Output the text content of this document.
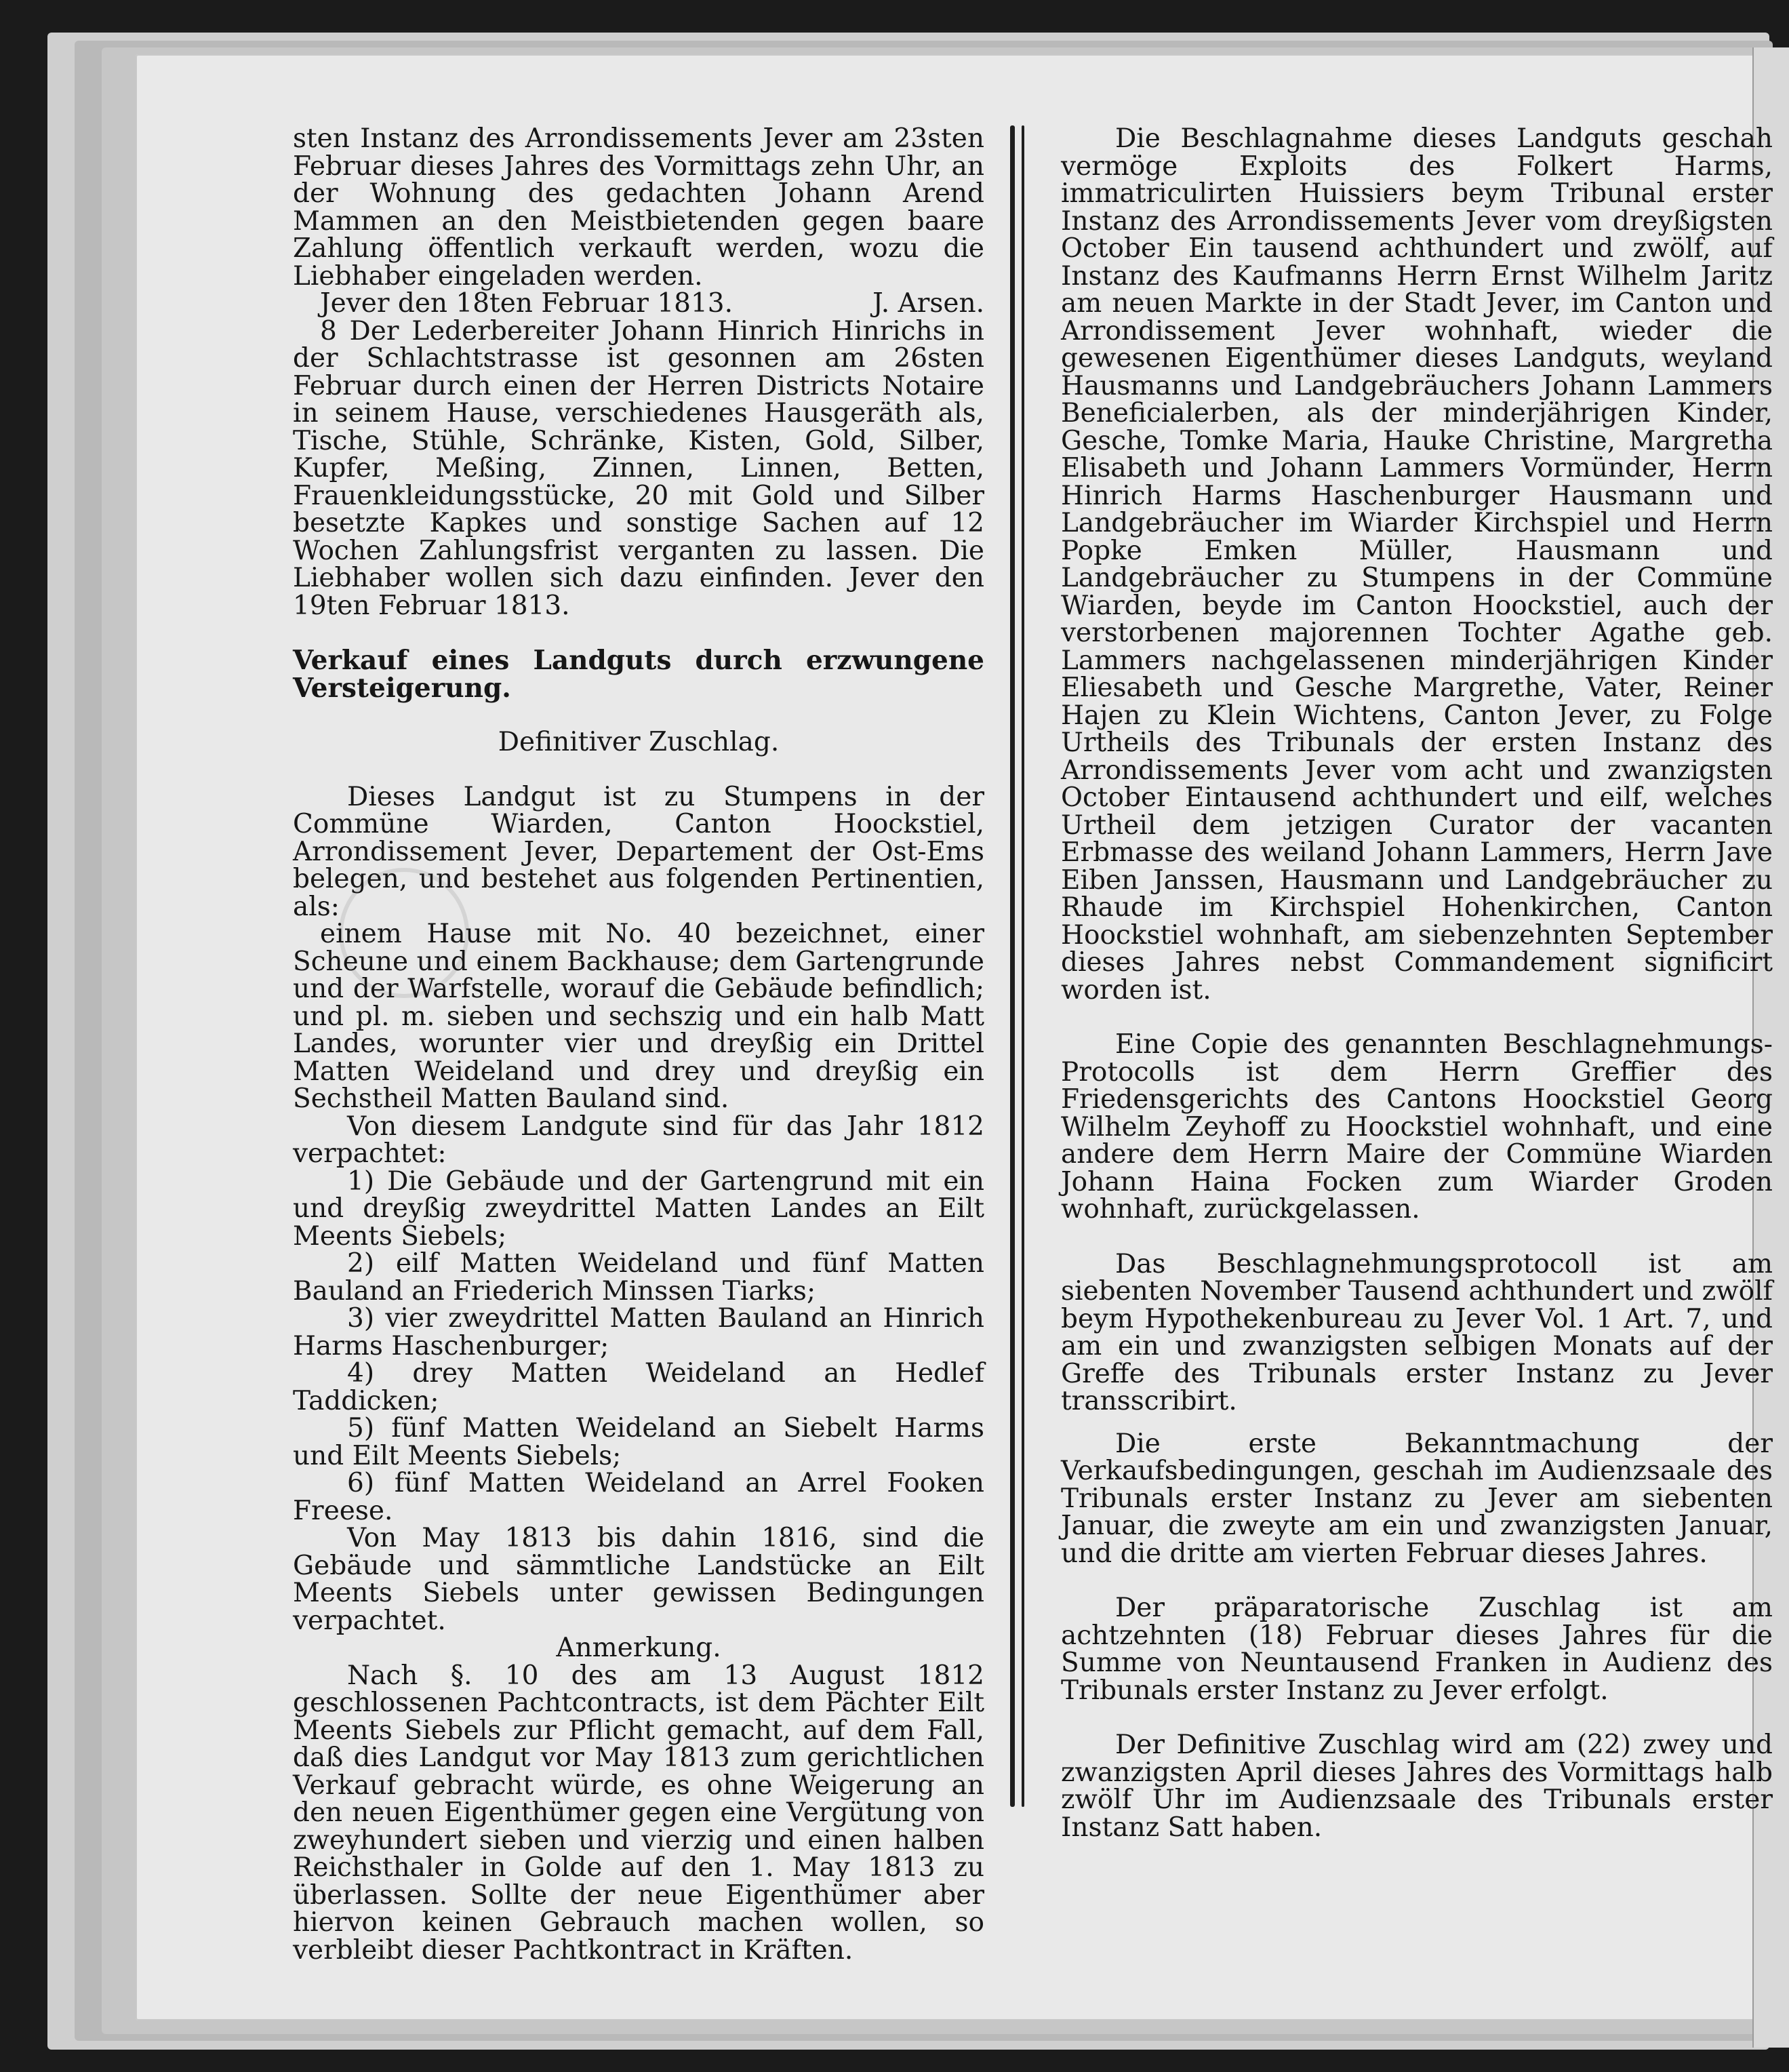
sten Instanz des Arrondissements Jever am 23sten Februar dieses Jahres des Vormittags zehn Uhr, an der Wohnung des gedachten Johann Arend Mammen an den Meistbietenden gegen baare Zahlung öffentlich verkauft werden, wozu die Liebhaber eingeladen werden.

Jever den 18ten Februar 1813.	J. Arsen.

8 Der Lederbereiter Johann Hinrich Hinrichs in der Schlachtstrasse ist gesonnen am 26sten Februar durch einen der Herren Districts Notaire in seinem Hause, verschiedenes Hausgeräth als, Tische, Stühle, Schränke, Kisten, Gold, Silber, Kupfer, Meßing, Zinnen, Linnen, Betten, Frauenkleidungsstücke, 20 mit Gold und Silber besetzte Kapkes und sonstige Sachen auf 12 Wochen Zahlungsfrist verganten zu lassen. Die Liebhaber wollen sich dazu einfinden. Jever den 19ten Februar 1813.

Verkauf eines Landguts durch erzwungene Versteigerung.

Definitiver Zuschlag.

Dieses Landgut ist zu Stumpens in der Commüne Wiarden, Canton Hoockstiel, Arrondissement Jever, Departement der Ost-Ems belegen, und bestehet aus folgenden Pertinentien, als:

einem Hause mit No. 40 bezeichnet, einer Scheune und einem Backhause; dem Gartengrunde und der Warfstelle, worauf die Gebäude befindlich; und pl. m. sieben und sechszig und ein halb Matt Landes, worunter vier und dreyßig ein Drittel Matten Weideland und drey und dreyßig ein Sechstheil Matten Bauland sind.

Von diesem Landgute sind für das Jahr 1812 verpachtet:

1) Die Gebäude und der Gartengrund mit ein und dreyßig zweydrittel Matten Landes an Eilt Meents Siebels;

2) eilf Matten Weideland und fünf Matten Bauland an Friederich Minssen Tiarks;

3) vier zweydrittel Matten Bauland an Hinrich Harms Haschenburger;

4) drey Matten Weideland an Hedlef Taddicken;

5) fünf Matten Weideland an Siebelt Harms und Eilt Meents Siebels;

6) fünf Matten Weideland an Arrel Fooken Freese.

Von May 1813 bis dahin 1816, sind die Gebäude und sämmtliche Landstücke an Eilt Meents Siebels unter gewissen Bedingungen verpachtet.

Anmerkung.

Nach §. 10 des am 13 August 1812 geschlossenen Pachtcontracts, ist dem Pächter Eilt Meents Siebels zur Pflicht gemacht, auf dem Fall, daß dies Landgut vor May 1813 zum gerichtlichen Verkauf gebracht würde, es ohne Weigerung an den neuen Eigenthümer gegen eine Vergütung von zweyhundert sieben und vierzig und einen halben Reichsthaler in Golde auf den 1. May 1813 zu überlassen. Sollte der neue Eigenthümer aber hiervon keinen Gebrauch machen wollen, so verbleibt dieser Pachtkontract in Kräften.

Die Beschlagnahme dieses Landguts geschah vermöge Exploits des Folkert Harms, immatriculirten Huissiers beym Tribunal erster Instanz des Arrondissements Jever vom dreyßigsten October Ein tausend achthundert und zwölf, auf Instanz des Kaufmanns Herrn Ernst Wilhelm Jaritz am neuen Markte in der Stadt Jever, im Canton und Arrondissement Jever wohnhaft, wieder die gewesenen Eigenthümer dieses Landguts, weyland Hausmanns und Landgebräuchers Johann Lammers Beneficialerben, als der minderjährigen Kinder, Gesche, Tomke Maria, Hauke Christine, Margretha Elisabeth und Johann Lammers Vormünder, Herrn Hinrich Harms Haschenburger Hausmann und Landgebräucher im Wiarder Kirchspiel und Herrn Popke Emken Müller, Hausmann und Landgebräucher zu Stumpens in der Commüne Wiarden, beyde im Canton Hoockstiel, auch der verstorbenen majorennen Tochter Agathe geb. Lammers nachgelassenen minderjährigen Kinder Eliesabeth und Gesche Margrethe, Vater, Reiner Hajen zu Klein Wichtens, Canton Jever, zu Folge Urtheils des Tribunals der ersten Instanz des Arrondissements Jever vom acht und zwanzigsten October Eintausend achthundert und eilf, welches Urtheil dem jetzigen Curator der vacanten Erbmasse des weiland Johann Lammers, Herrn Jave Eiben Janssen, Hausmann und Landgebräucher zu Rhaude im Kirchspiel Hohenkirchen, Canton Hoockstiel wohnhaft, am siebenzehnten September dieses Jahres nebst Commandement significirt worden ist.

Eine Copie des genannten Beschlagnehmungs-Protocolls ist dem Herrn Greffier des Friedensgerichts des Cantons Hoockstiel Georg Wilhelm Zeyhoff zu Hoockstiel wohnhaft, und eine andere dem Herrn Maire der Commüne Wiarden Johann Haina Focken zum Wiarder Groden wohnhaft, zurückgelassen.

Das Beschlagnehmungsprotocoll ist am siebenten November Tausend achthundert und zwölf beym Hypothekenbureau zu Jever Vol. 1 Art. 7, und am ein und zwanzigsten selbigen Monats auf der Greffe des Tribunals erster Instanz zu Jever transscribirt.

Die erste Bekanntmachung der Verkaufsbedingungen, geschah im Audienzsaale des Tribunals erster Instanz zu Jever am siebenten Januar, die zweyte am ein und zwanzigsten Januar, und die dritte am vierten Februar dieses Jahres.

Der präparatorische Zuschlag ist am achtzehnten (18) Februar dieses Jahres für die Summe von Neuntausend Franken in Audienz des Tribunals erster Instanz zu Jever erfolgt.

Der Definitive Zuschlag wird am (22) zwey und zwanzigsten April dieses Jahres des Vormittags halb zwölf Uhr im Audienzsaale des Tribunals erster Instanz Satt haben.
